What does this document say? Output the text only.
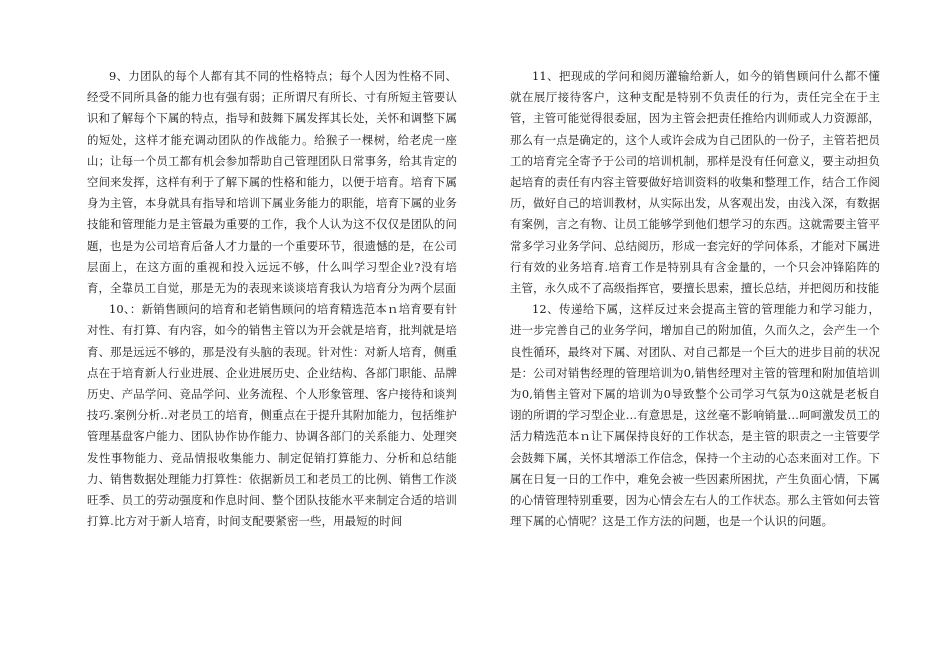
9、力团队的每个人都有其不同的性格特点；每个人因为性格不同、经受不同所具备的能力也有强有弱；正所谓尺有所长、寸有所短主管要认识和了解每个下属的特点，指导和鼓舞下属发挥其长处，关怀和调整下属的短处，这样才能充调动团队的作战能力。给猴子一棵树，给老虎一座山；让每一个员工都有机会参加帮助自己管理团队日常事务，给其肯定的空间来发挥，这样有利于了解下属的性格和能力，以便于培育。培育下属身为主管，本身就具有指导和培训下属业务能力的职能，培育下属的业务技能和管理能力是主管最为重要的工作，我个人认为这不仅仅是团队的问题，也是为公司培育后备人才力量的一个重要环节，很遗憾的是，在公司层面上，在这方面的重视和投入远远不够，什么叫学习型企业?没有培育，全靠员工自觉，那是无为的表现来谈谈培育我认为培育分为两个层面

10、：新销售顾问的培育和老销售顾问的培育精选范本ｎ培育要有针对性、有打算、有内容，如今的销售主管以为开会就是培育，批判就是培育、那是远远不够的，那是没有头脑的表现。针对性：对新人培育，侧重点在于培育新人行业进展、企业进展历史、企业结构、各部门职能、品牌历史、产品学问、竞品学问、业务流程、个人形象管理、客户接待和谈判技巧.案例分析..对老员工的培育，侧重点在于提升其附加能力，包括维护管理基盘客户能力、团队协作协作能力、协调各部门的关系能力、处理突发性事物能力、竞品情报收集能力、制定促销打算能力、分析和总结能力、销售数据处理能力打算性：依据新员工和老员工的比例、销售工作淡旺季、员工的劳动强度和作息时间、整个团队技能水平来制定合适的培训打算.比方对于新人培育，时间支配要紧密一些，用最短的时间

11、把现成的学问和阅历灌输给新人，如今的销售顾问什么都不懂就在展厅接待客户，这种支配是特别不负责任的行为，责任完全在于主管，主管可能觉得很委屈，因为主管会把责任推给内训师或人力资源部，那么有一点是确定的，这个人或许会成为自己团队的一份子，主管若把员工的培育完全寄予于公司的培训机制，那样是没有任何意义，要主动担负起培育的责任有内容主管要做好培训资料的收集和整理工作，结合工作阅历，做好自己的培训教材，从实际出发，从客观出发，由浅入深，有数据有案例，言之有物、让员工能够学到他们想学习的东西。这就需要主管平常多学习业务学问、总结阅历，形成一套完好的学问体系，才能对下属进行有效的业务培育.培育工作是特别具有含金量的，一个只会冲锋陷阵的主管，永久成不了高级指挥官，要擅长思索，擅长总结，并把阅历和技能

12、传递给下属，这样反过来会提高主管的管理能力和学习能力，进一步完善自己的业务学问，增加自己的附加值，久而久之，会产生一个良性循环，最终对下属、对团队、对自己都是一个巨大的进步目前的状况是：公司对销售经理的管理培训为0,销售经理对主管的管理和附加值培训为0,销售主管对下属的培训为0导致整个公司学习气氛为0这就是老板自诩的所谓的学习型企业…有意思是，这丝毫不影响销量…呵呵激发员工的活力精选范本ｎ让下属保持良好的工作状态，是主管的职责之一主管要学会鼓舞下属，关怀其增添工作信念，保持一个主动的心态来面对工作。下属在日复一日的工作中，难免会被一些因素所困扰，产生负面心情，下属的心情管理特别重要，因为心情会左右人的工作状态。那么主管如何去管理下属的心情呢？这是工作方法的问题，也是一个认识的问题。
